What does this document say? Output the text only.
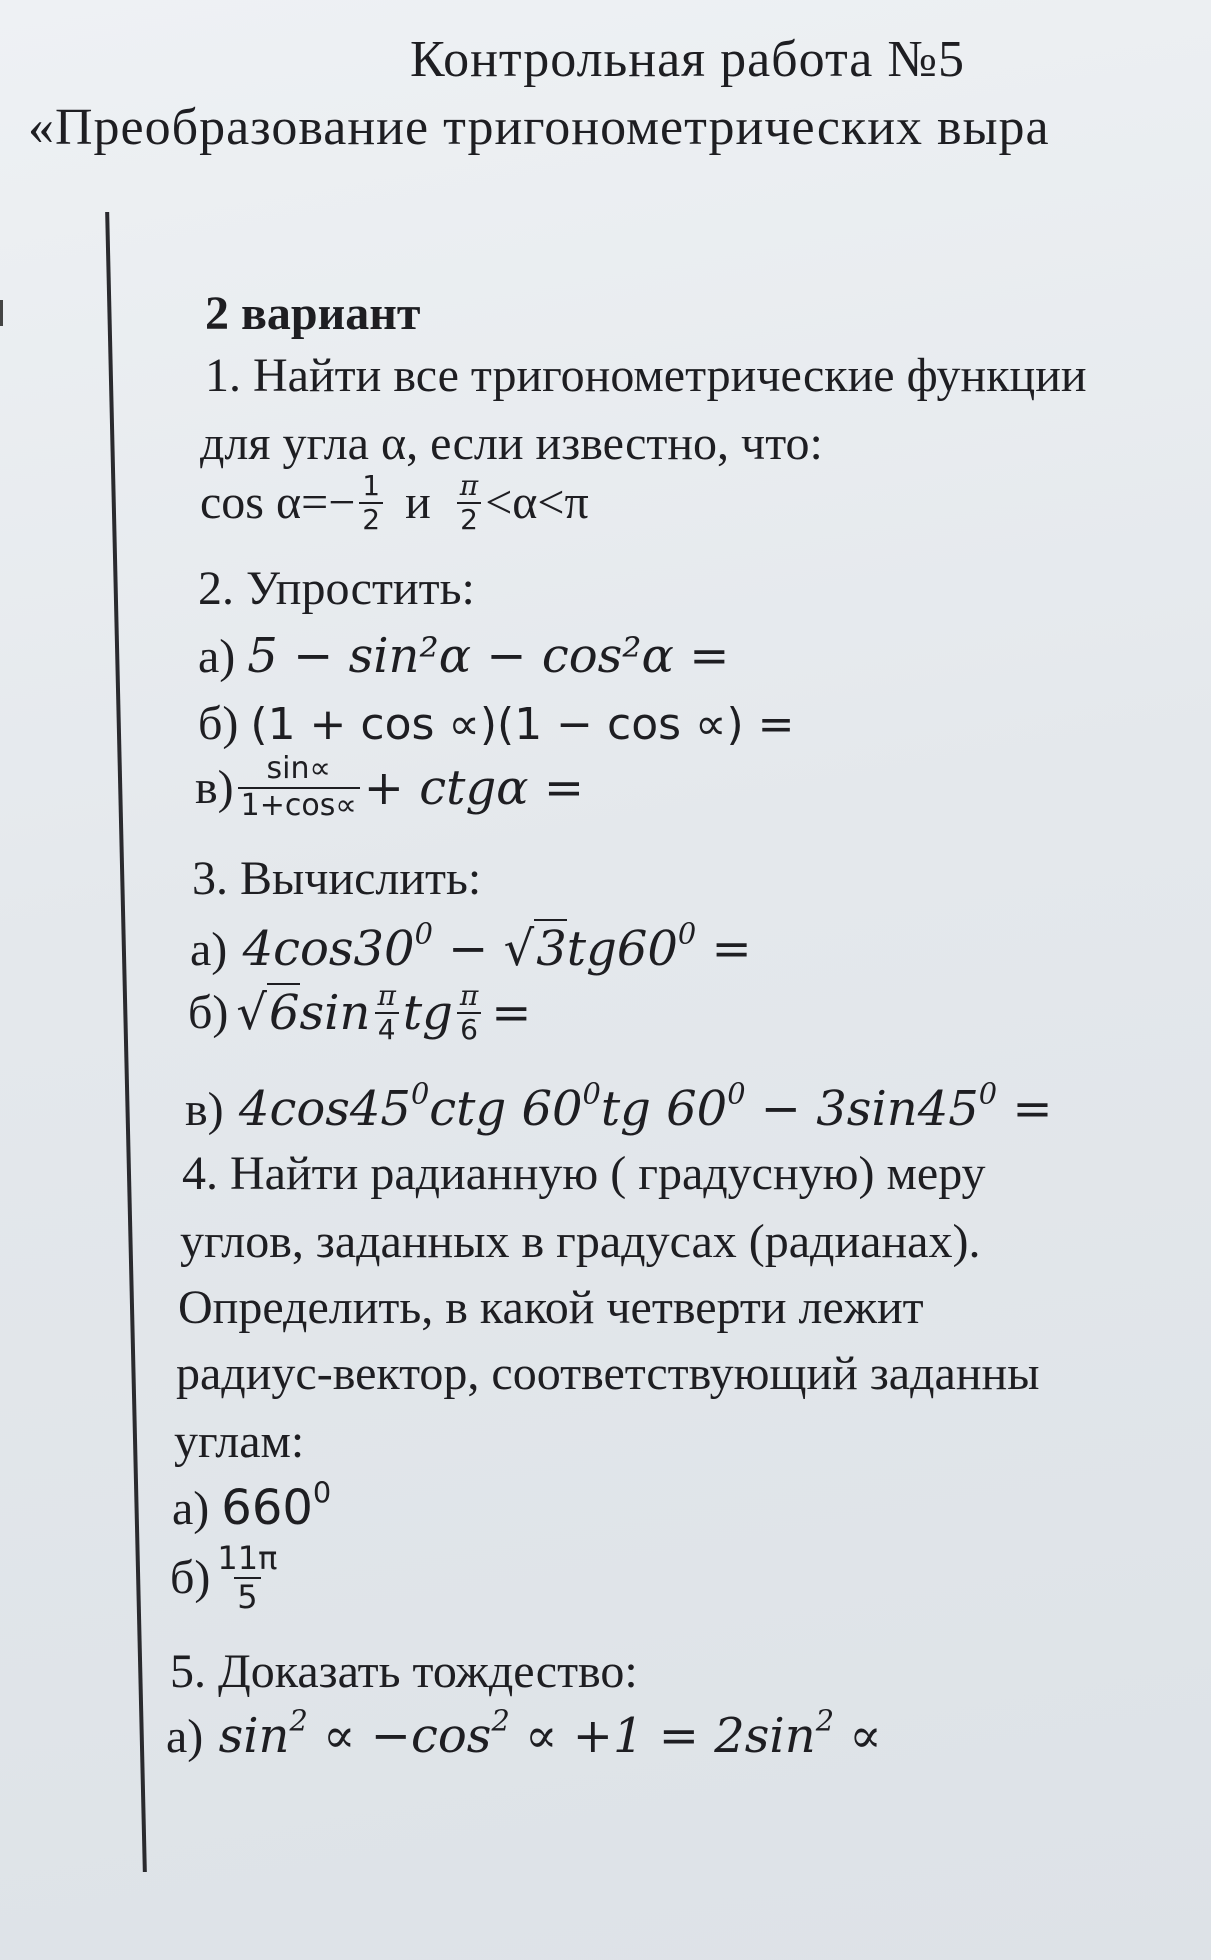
Контрольная работа №5
«Преобразование тригонометрических выра
2 вариант
1. Найти все тригонометрические функции
для угла α, если известно, что:
$\cos \alpha=- \frac{1}{2}$ и $\frac{\pi}{2} <\alpha<\pi$
2. Упростить:
а) 5 − sin²α − cos²α =
б) (1 + cos ∝)(1 − cos ∝) =
$в) \frac{\sin\propto}{1+\cos\propto} + ctg\alpha$ =
3. Вычислить:
а) $4\cos 30^0 - √3tg60^0$ =
б) √6 $\sin \frac{\pi}{4}$ tg $\frac{\pi}{6}$ =
в) $4\cos 45^0ctg$ $60^0tg$ $60^0 - 3\sin 45^0$ =
4. Найти радианную ( градусную) меру
углов, заданных в градусах (радианах).
Определить, в какой четверти лежит
радиус-вектор, соответствующий заданны
углам:
а) $660^0$
$б) \frac{11\pi}{5}$
5. Доказать тождество:
а) $\sin^2 \propto -\cos^2 \propto +1 = 2\sin^2$ ∝
